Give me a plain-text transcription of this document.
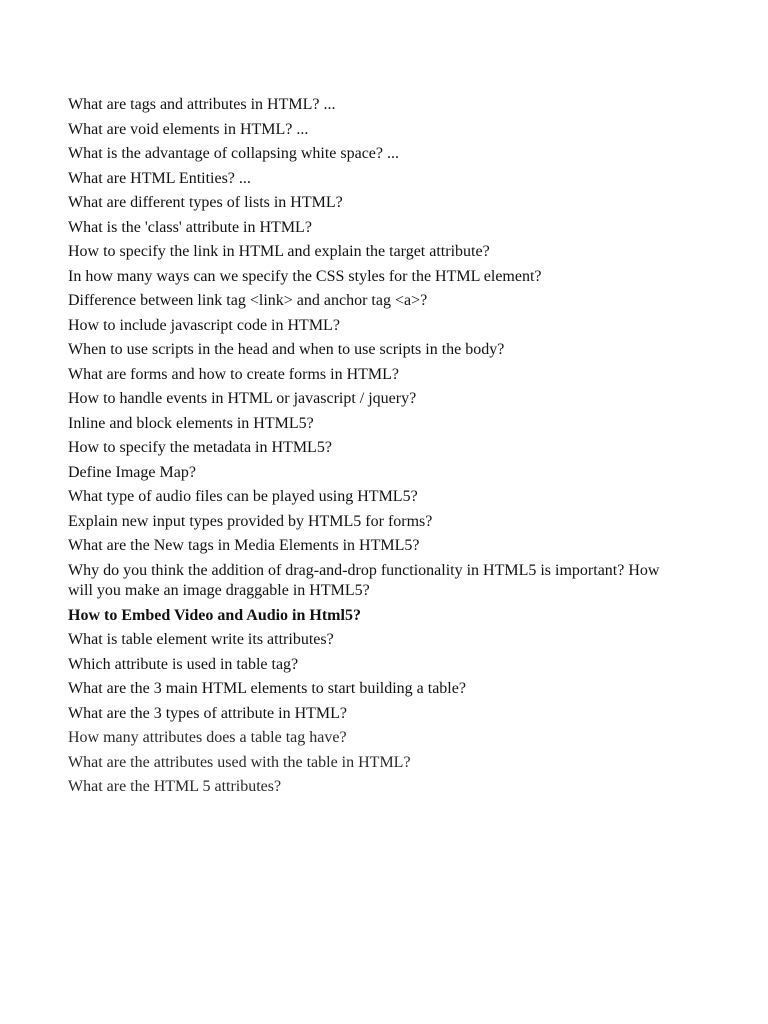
What are tags and attributes in HTML? ...
What are void elements in HTML? ...
What is the advantage of collapsing white space? ...
What are HTML Entities? ...
What are different types of lists in HTML?
What is the 'class' attribute in HTML?
How to specify the link in HTML and explain the target attribute?
In how many ways can we specify the CSS styles for the HTML element?
Difference between link tag <link> and anchor tag <a>?
How to include javascript code in HTML?
When to use scripts in the head and when to use scripts in the body?
What are forms and how to create forms in HTML?
How to handle events in HTML or javascript / jquery?
Inline and block elements in HTML5?
How to specify the metadata in HTML5?
Define Image Map?
What type of audio files can be played using HTML5?
Explain new input types provided by HTML5 for forms?
What are the New tags in Media Elements in HTML5?
Why do you think the addition of drag-and-drop functionality in HTML5 is important? How will you make an image draggable in HTML5?
How to Embed Video and Audio in Html5?
What is table element write its attributes?
Which attribute is used in table tag?
What are the 3 main HTML elements to start building a table?
What are the 3 types of attribute in HTML?
How many attributes does a table tag have?
What are the attributes used with the table in HTML?
What are the HTML 5 attributes?
